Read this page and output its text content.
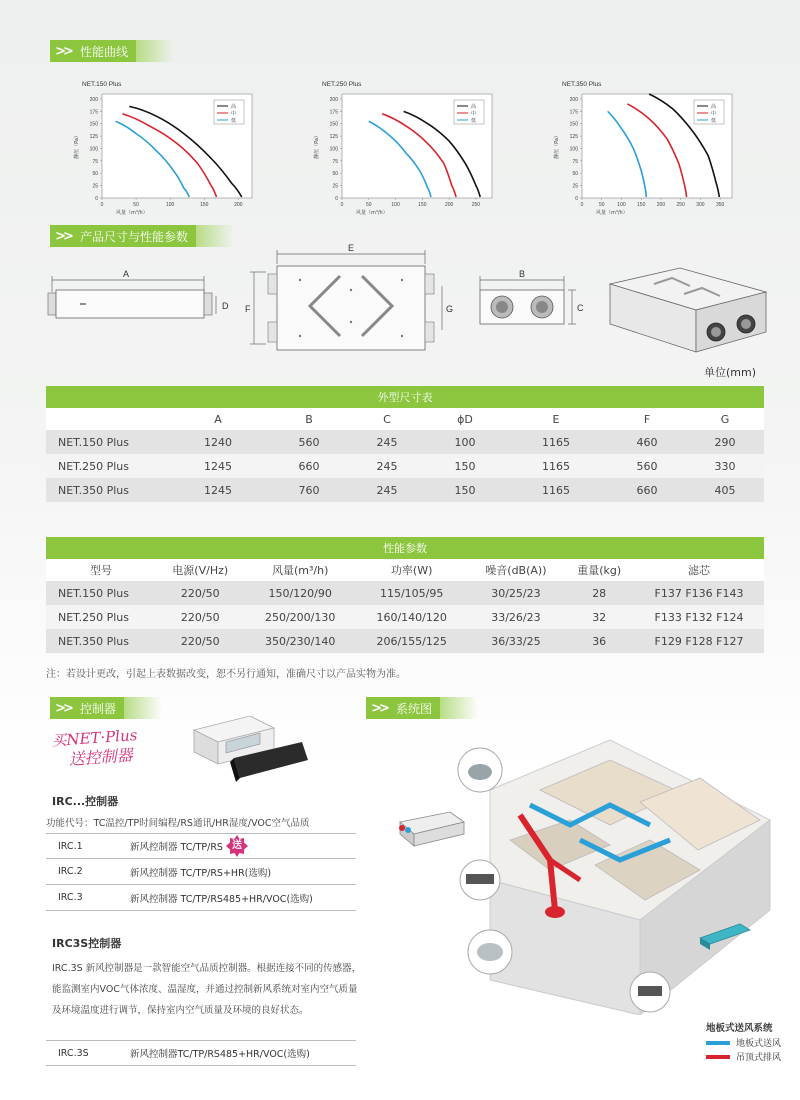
>> 性能曲线
NET.150 Plus
0
25
50
75
100
125
150
175
200
0	50	100	150	200
静压（Pa）
风量（m³/h）
高
中
低
NET.250 Plus
0
25
50
75
100
125
150
175
200
0	50	100	150	200	250
静压（Pa）
风量（m³/h）
高
中
低
NET.350 Plus
0
25
50
75
100
125
150
175
200
0	50	100 150 200 250 300 350
静压（Pa）
风量（m³/h）
高
中
低
>> 产品尺寸与性能参数
A
D
E
F	G
B
C
单位(mm)
外型尺寸表							
	A	B	C	ϕD	E	F	G
NET.150 Plus	1240	560	245	100	1165	460	290
NET.250 Plus	1245	660	245	150	1165	560	330
NET.350 Plus	1245	760	245	150	1165	660	405
性能参数						
型号	电源(V/Hz)	风量(m³/h)	功率(W)	噪音(dB(A))	重量(kg)	滤芯
NET.150 Plus	220/50	150/120/90	115/105/95	30/25/23	28	F137 F136 F143
NET.250 Plus	220/50	250/200/130	160/140/120	33/26/23	32	F133 F132 F124
NET.350 Plus	220/50	350/230/140	206/155/125	36/33/25	36	F129 F128 F127
注：若设计更改，引起上表数据改变，恕不另行通知，准确尺寸以产品实物为准。
>> 控制器
买NET·Plus
送控制器
IRC...控制器
功能代号：TC温控/TP时间编程/RS通讯/HR湿度/VOC空气品质
IRC.1	新风控制器 TC/TP/RS 送
IRC.2	新风控制器 TC/TP/RS+HR(选购)
IRC.3	新风控制器 TC/TP/RS485+HR/VOC(选购)
IRC3S控制器
IRC.3S 新风控制器是一款智能空气品质控制器。根据连接不同的传感器，能监测室内VOC气体浓度、温湿度，并通过控制新风系统对室内空气质量及环境温度进行调节，保持室内空气质量及环境的良好状态。
IRC.3S	新风控制器TC/TP/RS485+HR/VOC(选购)
>> 系统图
地板式送风系统
地板式送风
吊顶式排风
